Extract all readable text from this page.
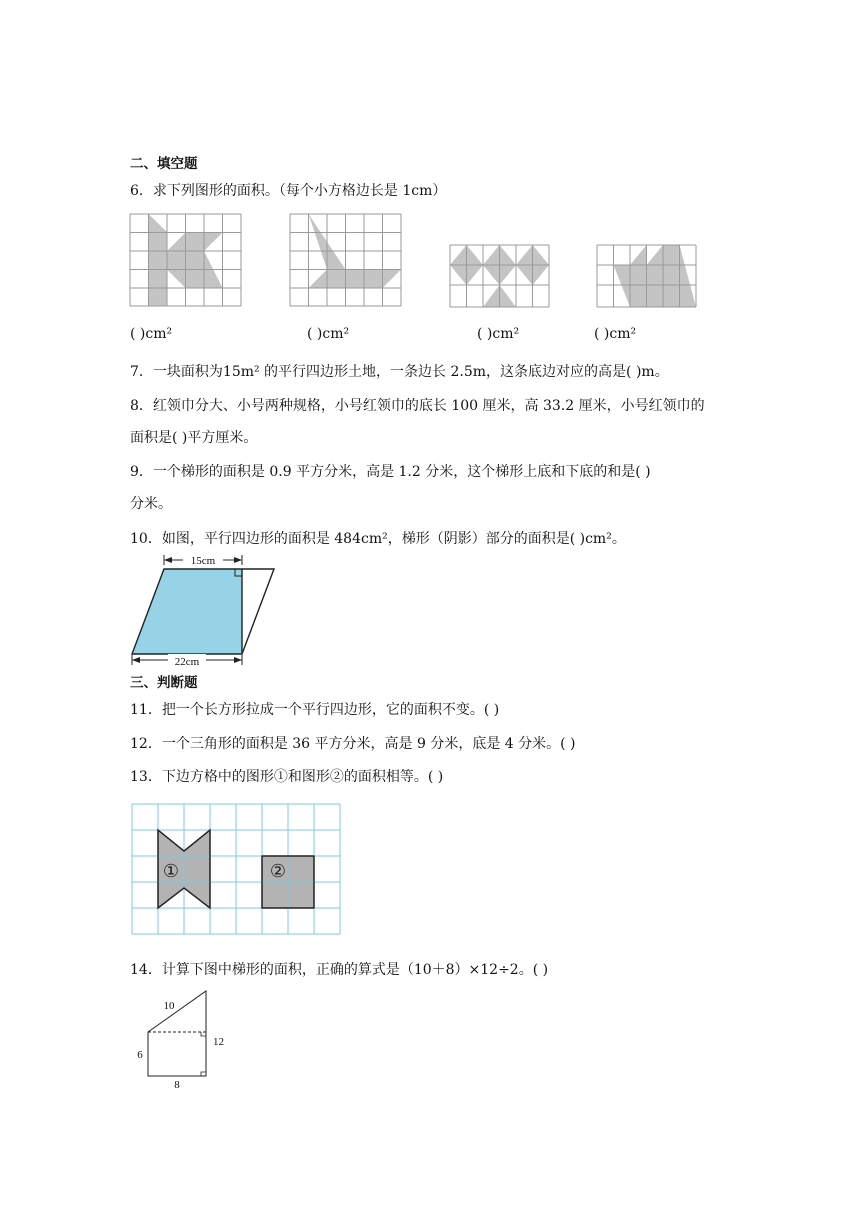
二、填空题
6．求下列图形的面积。（每个小方格边长是 1cm）
( )cm²	( )cm²	( )cm²	( )cm²
7．一块面积为15m² 的平行四边形土地，一条边长 2.5m，这条底边对应的高是( )m。
8．红领巾分大、小号两种规格，小号红领巾的底长 100 厘米，高 33.2 厘米，小号红领巾的
面积是( )平方厘米。
9．一个梯形的面积是 0.9 平方分米，高是 1.2 分米，这个梯形上底和下底的和是( )
分米。
10．如图，平行四边形的面积是 484cm²，梯形（阴影）部分的面积是( )cm²。
15cm
22cm
三、判断题
11．把一个长方形拉成一个平行四边形，它的面积不变。( )
12．一个三角形的面积是 36 平方分米，高是 9 分米，底是 4 分米。( )
13．下边方格中的图形①和图形②的面积相等。( )
①	②
14．计算下图中梯形的面积，正确的算式是（10＋8）×12÷2。( )
10
6
12
8
